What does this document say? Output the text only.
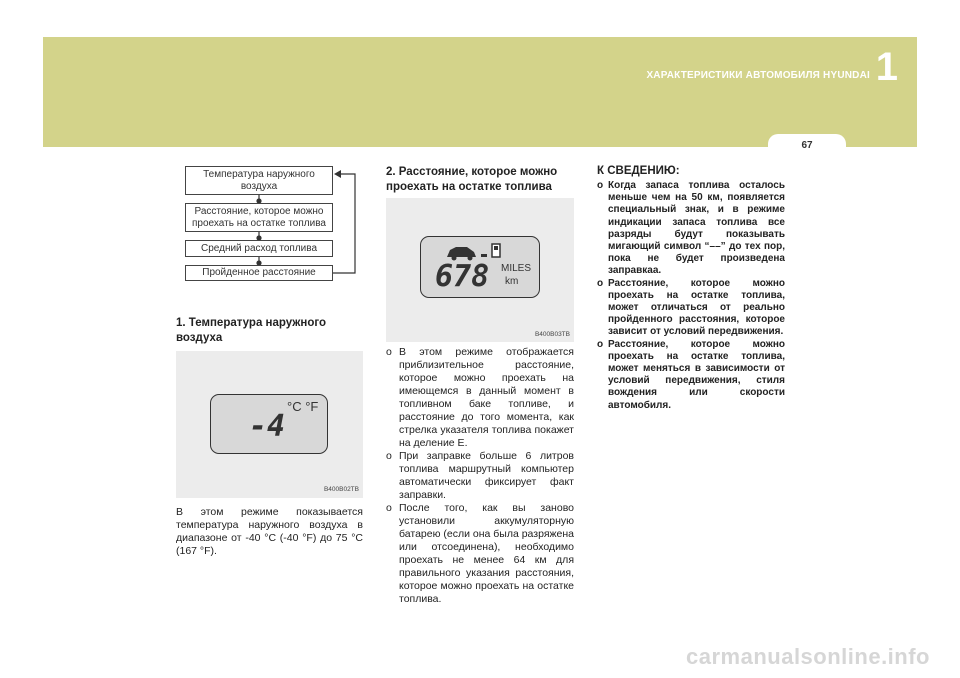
ХАРАКТЕРИСТИКИ АВТОМОБИЛЯ HYUNDAI 1
67
Температура наружного воздуха
Расстояние, которое можно проехать на остатке топлива
Средний расход топлива
Пройденное расстояние
1. Температура наружного воздуха
-4
°C °F
B400B02TB
В этом режиме показывается температура наружного воздуха в диапазоне от -40 °C (-40 °F) до 75 °C (167 °F).
2. Расстояние, которое можно проехать на остатке топлива
678 MILES
km
B400B03TB

o В этом режиме отображается приблизительное расстояние, которое можно проехать на имеющемся в данный момент в топливном баке топливе, и расстояние до того момента, как стрелка указателя топлива покажет на деление E.

o При заправке больше 6 литров топлива маршрутный компьютер автоматически фиксирует факт заправки.

o После того, как вы заново установили аккумуляторную батарею (если она была разряжена или отсоединена), необходимо проехать не менее 64 км для правильного указания расстояния, которое можно проехать на остатке топлива.

К СВЕДЕНИЮ:

o Когда запаса топлива осталось меньше чем на 50 км, появляется специальный знак, и в режиме индикации запаса топлива все разряды будут показывать мигающий символ “––” до тех пор, пока не будет произведена заправкаа.

o Расстояние, которое можно проехать на остатке топлива, может отличаться от реально пройденного расстояния, которое зависит от условий передвижения.

o Расстояние, которое можно проехать на остатке топлива, может меняться в зависимости от условий передвижения, стиля вождения или скорости автомобиля.

carmanualsonline.info
